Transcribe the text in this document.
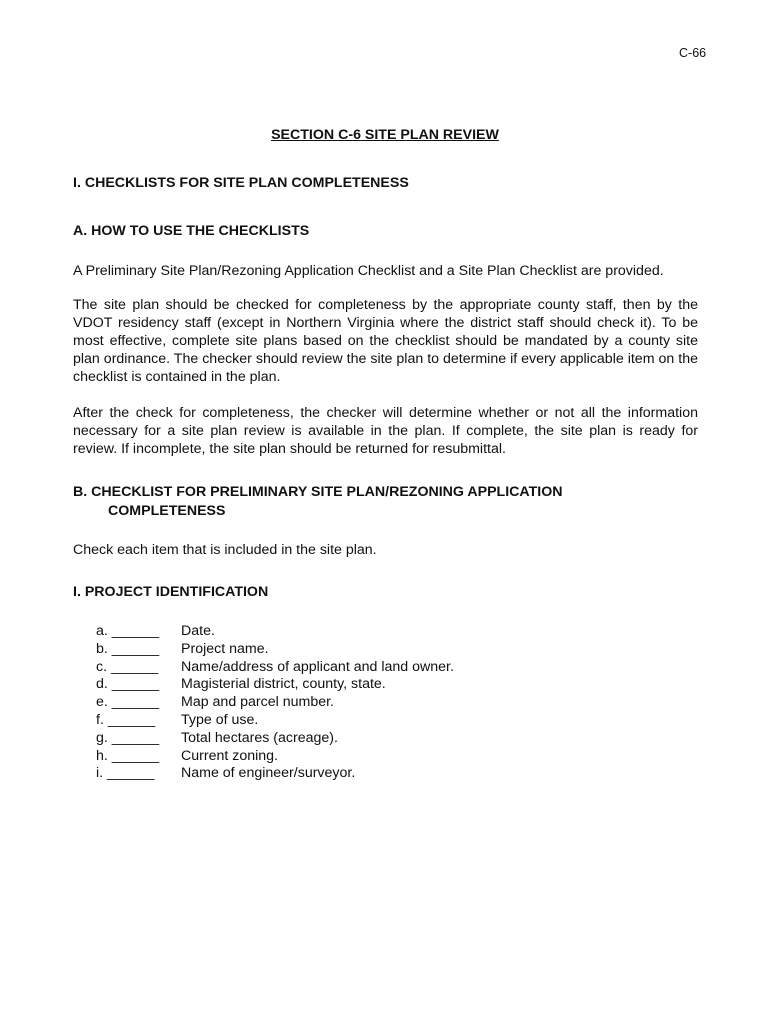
C-66
SECTION C-6 SITE PLAN REVIEW
I. CHECKLISTS FOR SITE PLAN COMPLETENESS
A. HOW TO USE THE CHECKLISTS
A Preliminary Site Plan/Rezoning Application Checklist and a Site Plan Checklist are provided.
The site plan should be checked for completeness by the appropriate county staff, then by the VDOT residency staff (except in Northern Virginia where the district staff should check it). To be most effective, complete site plans based on the checklist should be mandated by a county site plan ordinance. The checker should review the site plan to determine if every applicable item on the checklist is contained in the plan.
After the check for completeness, the checker will determine whether or not all the information necessary for a site plan review is available in the plan. If complete, the site plan is ready for review. If incomplete, the site plan should be returned for resubmittal.
B. CHECKLIST FOR PRELIMINARY SITE PLAN/REZONING APPLICATION
COMPLETENESS
Check each item that is included in the site plan.
I. PROJECT IDENTIFICATION
a. ______	Date.
b. ______	Project name.
c. ______	Name/address of applicant and land owner.
d. ______	Magisterial district, county, state.
e. ______	Map and parcel number.
f. ______	Type of use.
g. ______	Total hectares (acreage).
h. ______	Current zoning.
i. ______	Name of engineer/surveyor.
